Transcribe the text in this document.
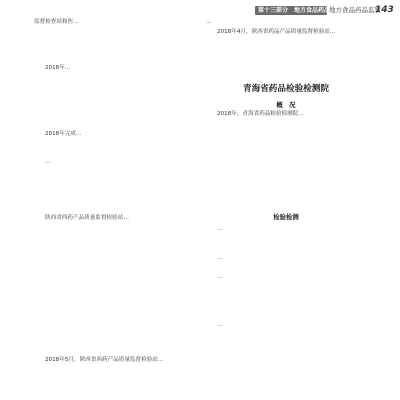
第十三部分　地方食品药品监管
地方食品药品监管
143

监督检查站和医…

2018年…

2018年完成…

…

陕西省西药产品质量监督检验站…

2018年5月，陕西省西药产品质量监督检验站…

…

2018年4月，陕西省药品产品质量监督检验站…

青海省药品检验检测院
概　况

2018年，青海省药品检验检测院…

检验检测

…

…

…

…
